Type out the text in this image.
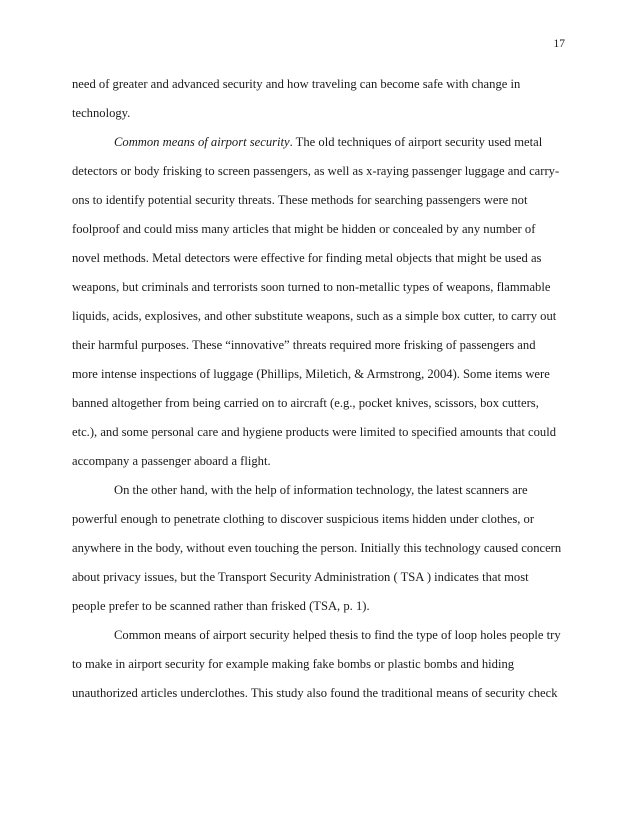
17
need of greater and advanced security and how traveling can become safe with change in
technology.
Common means of airport security. The old techniques of airport security used metal
detectors or body frisking to screen passengers, as well as x-raying passenger luggage and carry-
ons to identify potential security threats. These methods for searching passengers were not
foolproof and could miss many articles that might be hidden or concealed by any number of
novel methods. Metal detectors were effective for finding metal objects that might be used as
weapons, but criminals and terrorists soon turned to non-metallic types of weapons, flammable
liquids, acids, explosives, and other substitute weapons, such as a simple box cutter, to carry out
their harmful purposes. These “innovative” threats required more frisking of passengers and
more intense inspections of luggage (Phillips, Miletich, & Armstrong, 2004). Some items were
banned altogether from being carried on to aircraft (e.g., pocket knives, scissors, box cutters,
etc.), and some personal care and hygiene products were limited to specified amounts that could
accompany a passenger aboard a flight.
On the other hand, with the help of information technology, the latest scanners are
powerful enough to penetrate clothing to discover suspicious items hidden under clothes, or
anywhere in the body, without even touching the person. Initially this technology caused concern
about privacy issues, but the Transport Security Administration ( TSA ) indicates that most
people prefer to be scanned rather than frisked (TSA, p. 1).
Common means of airport security helped thesis to find the type of loop holes people try
to make in airport security for example making fake bombs or plastic bombs and hiding
unauthorized articles underclothes. This study also found the traditional means of security check
